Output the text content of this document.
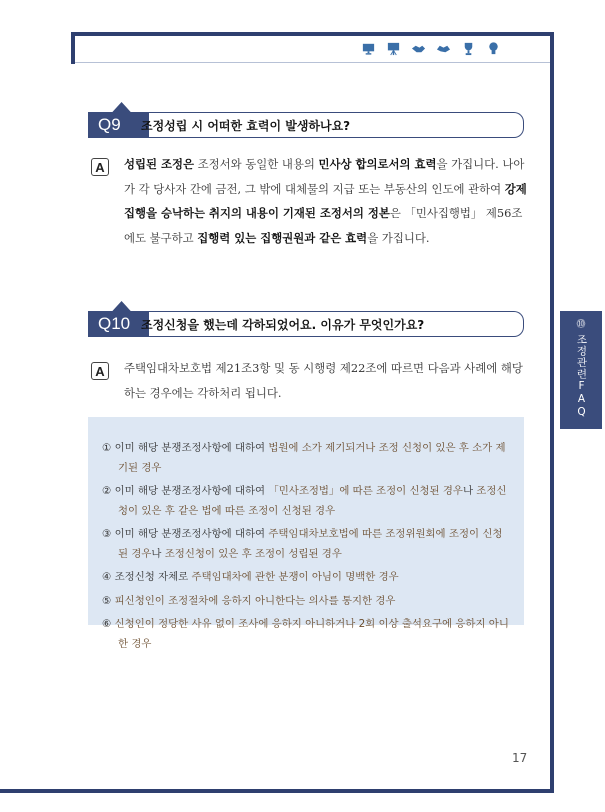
Q9	조정성립 시 어떠한 효력이 발생하나요?
A	성립된 조정은 조정서와 동일한 내용의 민사상 합의로서의 효력을 가집니다. 나아가 각 당사자 간에 금전, 그 밖에 대체물의 지급 또는 부동산의 인도에 관하여 강제집행을 승낙하는 취지의 내용이 기재된 조정서의 정본은 「민사집행법」 제56조에도 불구하고 집행력 있는 집행권원과 같은 효력을 가집니다.
Q10 조정신청을 했는데 각하되었어요. 이유가 무엇인가요?
A	주택임대차보호법 제21조3항 및 동 시행령 제22조에 따르면 다음과 사례에 해당하는 경우에는 각하처리 됩니다.
① 이미 해당 분쟁조정사항에 대하여 법원에 소가 제기되거나 조정 신청이 있은 후 소가 제기된 경우
② 이미 해당 분쟁조정사항에 대하여 「민사조정법」에 따른 조정이 신청된 경우나 조정신청이 있은 후 같은 법에 따른 조정이 신청된 경우
③ 이미 해당 분쟁조정사항에 대하여 주택임대차보호법에 따른 조정위원회에 조정이 신청된 경우나 조정신청이 있은 후 조정이 성립된 경우
④ 조정신청 자체로 주택임대차에 관한 분쟁이 아님이 명백한 경우
⑤ 피신청인이 조정절차에 응하지 아니한다는 의사를 통지한 경우
⑥ 신청인이 정당한 사유 없이 조사에 응하지 아니하거나 2회 이상 출석요구에 응하지 아니한 경우
⓾
조정관련FAQ
17
